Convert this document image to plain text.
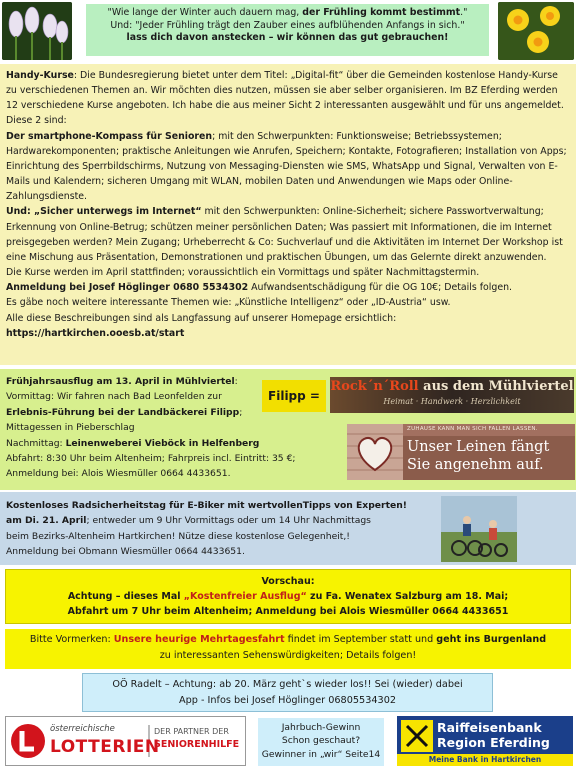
"Wie lange der Winter auch dauern mag, der Frühling kommt bestimmt."
Und: "Jeder Frühling trägt den Zauber eines aufblühenden Anfangs in sich."
lass dich davon anstecken – wir können das gut gebrauchen!

Handy-Kurse: Die Bundesregierung bietet unter dem Titel: „Digital-fit“ über die Gemeinden kostenlose Handy-Kurse zu verschiedenen Themen an. Wir möchten dies nutzen, müssen sie aber selber organisieren. Im BZ Eferding werden 12 verschiedene Kurse angeboten. Ich habe die aus meiner Sicht 2 interessanten ausgewählt und für uns angemeldet. Diese 2 sind:

Der smartphone-Kompass für Senioren; mit den Schwerpunkten: Funktionsweise; Betriebssystemen; Hardwarekomponenten; praktische Anleitungen wie Anrufen, Speichern; Kontakte, Fotografieren; Installation von Apps; Einrichtung des Sperrbildschirms, Nutzung von Messaging-Diensten wie SMS, WhatsApp und Signal, Verwalten von E-Mails und Kalendern; sicheren Umgang mit WLAN, mobilen Daten und Anwendungen wie Maps oder Online-Zahlungsdienste.

Und: „Sicher unterwegs im Internet“ mit den Schwerpunkten: Online-Sicherheit; sichere Passwortverwaltung; Erkennung von Online-Betrug; schützen meiner persönlichen Daten; Was passiert mit Informationen, die im Internet preisgegeben werden? Mein Zugang; Urheberrecht & Co: Suchverlauf und die Aktivitäten im Internet Der Workshop ist eine Mischung aus Präsentation, Demonstrationen und praktischen Übungen, um das Gelernte direkt anzuwenden.

Die Kurse werden im April stattfinden; voraussichtlich ein Vormittags und später Nachmittagstermin.

Anmeldung bei Josef Höglinger 0680 5534302 Aufwandsentschädigung für die OG 10€; Details folgen.

Es gäbe noch weitere interessante Themen wie: „Künstliche Intelligenz“ oder „ID-Austria“ usw.

Alle diese Beschreibungen sind als Langfassung auf unserer Homepage ersichtlich:

https://hartkirchen.ooesb.at/start

Frühjahrsausflug am 13. April in Mühlviertel:
Vormittag: Wir fahren nach Bad Leonfelden zur
Erlebnis-Führung bei der Landbäckerei Filipp;
Mittagessen in Pieberschlag
Nachmittag: Leinenweberei Vieböck in Helfenberg
Abfahrt: 8:30 Uhr beim Altenheim; Fahrpreis incl. Eintritt: 35 €;
Anmeldung bei: Alois Wiesmüller 0664 4433651.
Filipp =
Rock´n´Roll aus dem Mühlviertel
Heimat · Handwerk · Herzlichkeit
ZUHAUSE KANN MAN SICH FALLEN LASSEN.
Unser Leinen fängt Sie angenehm auf.
Kostenloses Radsicherheitstag für E-Biker mit wertvollenTipps von Experten!
am Di. 21. April; entweder um 9 Uhr Vormittags oder um 14 Uhr Nachmittags
beim Bezirks-Altenheim Hartkirchen! Nütze diese kostenlose Gelegenheit,!
Anmeldung bei Obmann Wiesmüller 0664 4433651.
Vorschau:
Achtung – dieses Mal „Kostenfreier Ausflug“ zu Fa. Wenatex Salzburg am 18. Mai;
Abfahrt um 7 Uhr beim Altenheim; Anmeldung bei Alois Wiesmüller 0664 4433651
Bitte Vormerken: Unsere heurige Mehrtagesfahrt findet im September statt und geht ins Burgenland
zu interessanten Sehenswürdigkeiten; Details folgen!
OÖ Radelt – Achtung: ab 20. März geht`s wieder los!! Sei (wieder) dabei
App - Infos bei Josef Höglinger 06805534302
österreichische
LOTTERIEN
DER PARTNER DER
SENIORENHILFE
Jahrbuch-Gewinn
Schon geschaut?
Gewinner in „wir“ Seite14
Raiffeisenbank
Region Eferding
Meine Bank in Hartkirchen
